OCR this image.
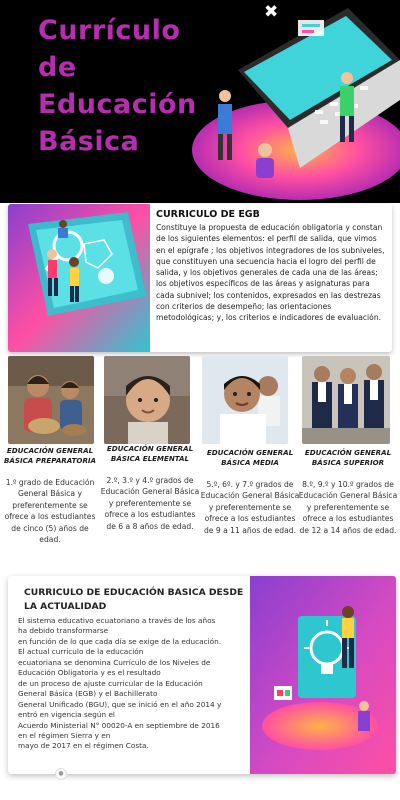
Currículo
de
Educación
Básica
✖
CURRICULO DE EGB
Constituye la propuesta de educación obligatoria y constan de los siguientes elementos: el perfil de salida, que vimos en el epígrafe ; los objetivos integradores de los subniveles, que constituyen una secuencia hacia el logro del perfil de salida, y los objetivos generales de cada una de las áreas; los objetivos específicos de las áreas y asignaturas para cada subnivel; los contenidos, expresados en las destrezas con criterios de desempeño; las orientaciones metodológicas; y, los criterios e indicadores de evaluación.
EDUCACIÓN GENERAL BÁSICA PREPARATORIA
1.º grado de Educación General Básica y preferentemente se ofrece a los estudiantes de cinco (5) años de edad.
EDUCACIÓN GENERAL BÁSICA ELEMENTAL
2.º, 3.º y 4.º grados de Educación General Básica y preferentemente se ofrece a los estudiantes de 6 a 8 años de edad.
EDUCACIÓN GENERAL BÁSICA MEDIA
5.º, 6º. y 7.º grados de Educación General Básica y preferentemente se ofrece a los estudiantes de 9 a 11 años de edad.
EDUCACIÓN GENERAL BÁSICA SUPERIOR
8.º, 9.º y 10.º grados de Educación General Básica y preferentemente se ofrece a los estudiantes de 12 a 14 años de edad.
CURRICULO DE EDUCACIÓN BASICA DESDE LA ACTUALIDAD
El sistema educativo ecuatoriano a través de los años
ha debido transformarse
en función de lo que cada día se exige de la educación.
El actual currículo de la educación
ecuatoriana se denomina Currículo de los Niveles de
Educación Obligatoria y es el resultado
de un proceso de ajuste curricular de la Educación
General Básica (EGB) y el Bachillerato
General Unificado (BGU), que se inició en el año 2014 y
entró en vigencia según el
Acuerdo Ministerial N° 00020-A en septiembre de 2016
en el régimen Sierra y en
mayo de 2017 en el régimen Costa.
●
